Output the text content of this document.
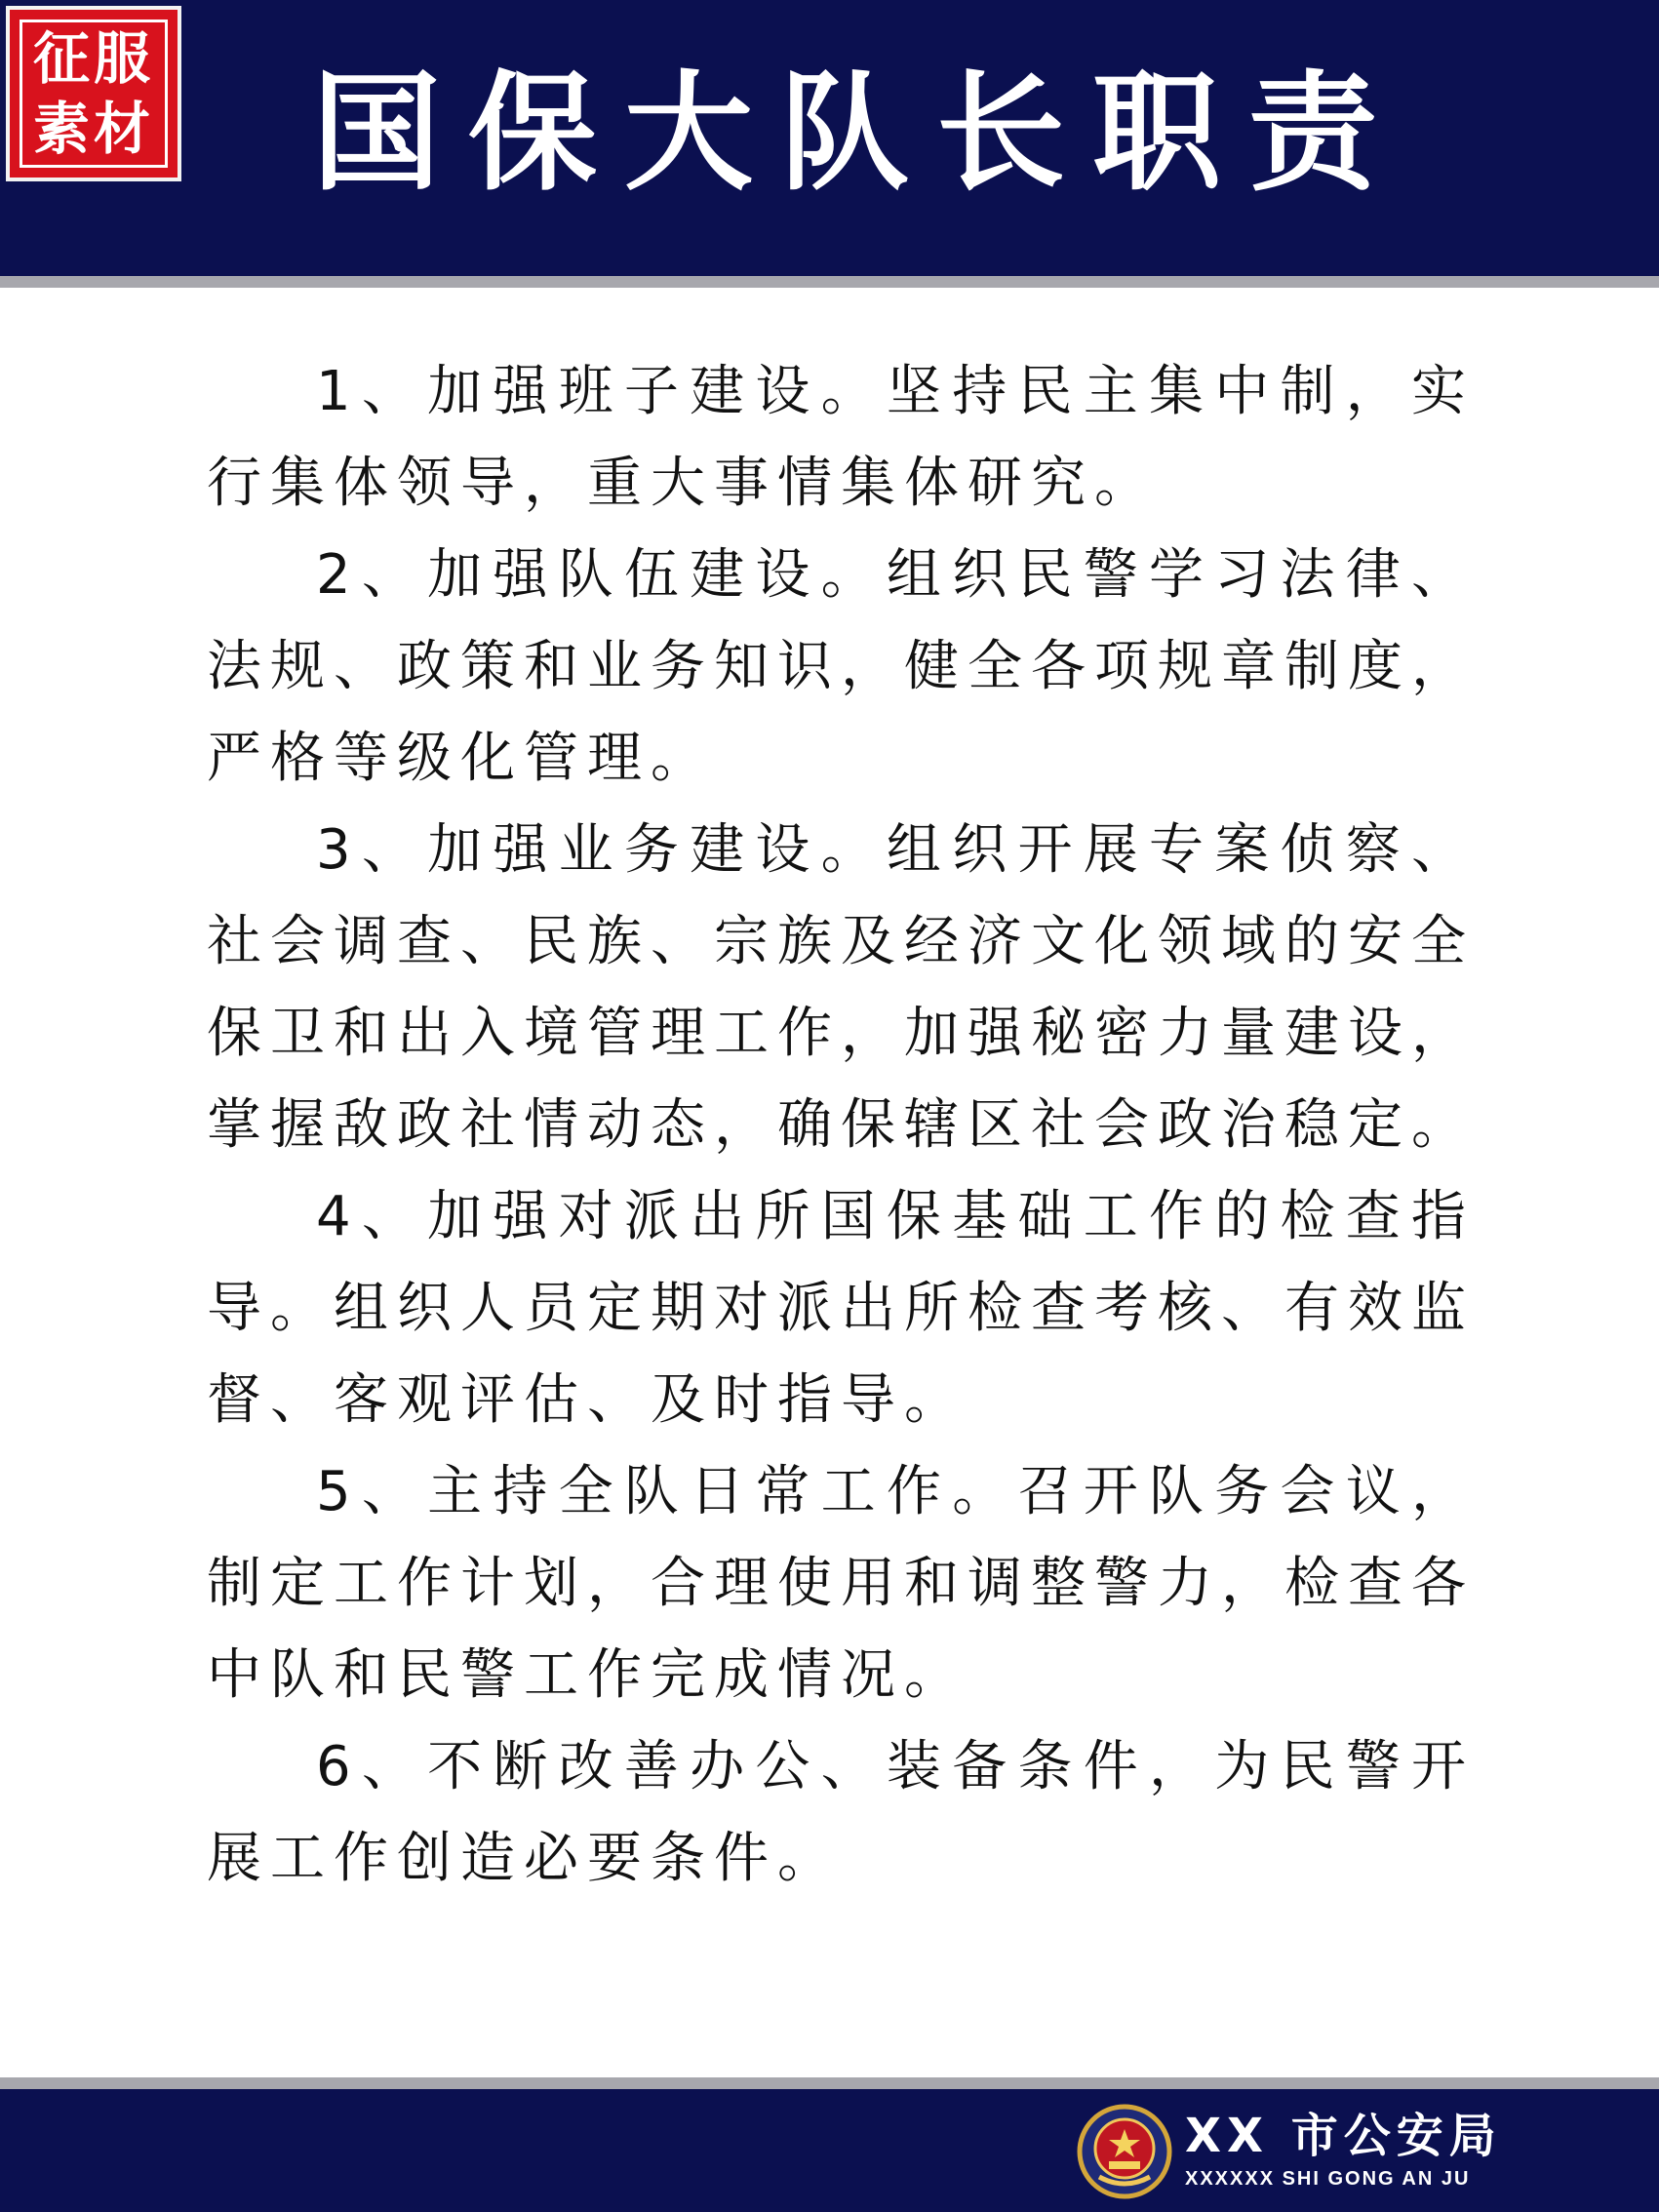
征服
素材 国保大队长职责

1、加强班子建设。坚持民主集中制，实行集体领导，重大事情集体研究。

2、加强队伍建设。组织民警学习法律、法规、政策和业务知识，健全各项规章制度，严格等级化管理。

3、加强业务建设。组织开展专案侦察、社会调查、民族、宗族及经济文化领域的安全保卫和出入境管理工作，加强秘密力量建设，掌握敌政社情动态，确保辖区社会政治稳定。

4、加强对派出所国保基础工作的检查指导。组织人员定期对派出所检查考核、有效监督、客观评估、及时指导。

5、主持全队日常工作。召开队务会议，制定工作计划，合理使用和调整警力，检查各中队和民警工作完成情况。

6、不断改善办公、装备条件，为民警开展工作创造必要条件。

XX 市公安局
XXXXXX SHI GONG AN JU
